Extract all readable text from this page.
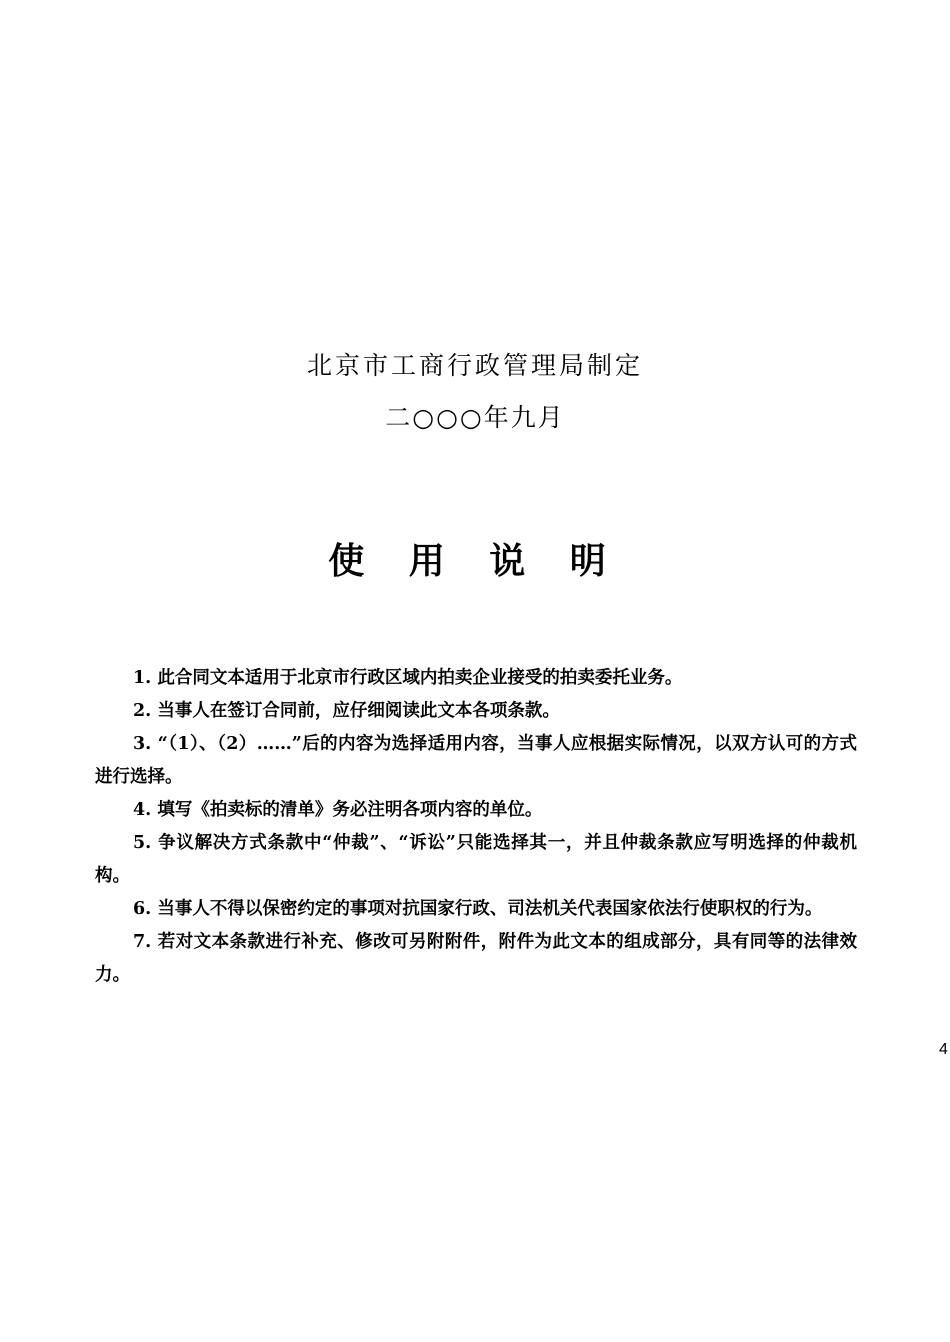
北京市工商行政管理局制定
二○○○年九月
使 用 说 明
1. 此合同文本适用于北京市行政区域内拍卖企业接受的拍卖委托业务。
2. 当事人在签订合同前，应仔细阅读此文本各项条款。
3. “（1）、（2）……”后的内容为选择适用内容，当事人应根据实际情况，以双方认可的方式进行选择。
4. 填写《拍卖标的清单》务必注明各项内容的单位。
5. 争议解决方式条款中“仲裁”、“诉讼”只能选择其一，并且仲裁条款应写明选择的仲裁机构。
6. 当事人不得以保密约定的事项对抗国家行政、司法机关代表国家依法行使职权的行为。
7. 若对文本条款进行补充、修改可另附附件，附件为此文本的组成部分，具有同等的法律效力。
4
